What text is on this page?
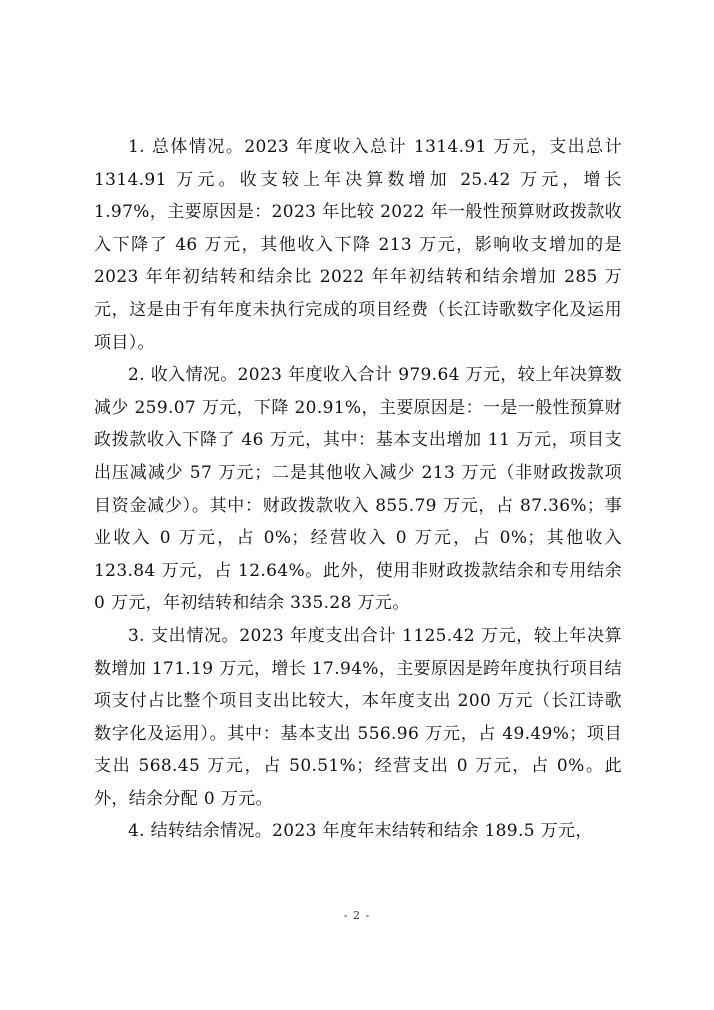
1. 总体情况。2023 年度收入总计 1314.91 万元，支出总计 1314.91 万元。收支较上年决算数增加 25.42 万元，增长 1.97%，主要原因是：2023 年比较 2022 年一般性预算财政拨款收入下降了 46 万元，其他收入下降 213 万元，影响收支增加的是 2023 年年初结转和结余比 2022 年年初结转和结余增加 285 万元，这是由于有年度未执行完成的项目经费（长江诗歌数字化及运用项目）。

2. 收入情况。2023 年度收入合计 979.64 万元，较上年决算数减少 259.07 万元，下降 20.91%，主要原因是：一是一般性预算财政拨款收入下降了 46 万元，其中：基本支出增加 11 万元，项目支出压减减少 57 万元；二是其他收入减少 213 万元（非财政拨款项目资金减少）。其中：财政拨款收入 855.79 万元，占 87.36%；事业收入 0 万元，占 0%；经营收入 0 万元，占 0%；其他收入 123.84 万元，占 12.64%。此外，使用非财政拨款结余和专用结余 0 万元，年初结转和结余 335.28 万元。

3. 支出情况。2023 年度支出合计 1125.42 万元，较上年决算数增加 171.19 万元，增长 17.94%，主要原因是跨年度执行项目结项支付占比整个项目支出比较大，本年度支出 200 万元（长江诗歌数字化及运用）。其中：基本支出 556.96 万元，占 49.49%；项目支出 568.45 万元，占 50.51%；经营支出 0 万元，占 0%。此外，结余分配 0 万元。

4. 结转结余情况。2023 年度年末结转和结余 189.5 万元，

- 2 -
